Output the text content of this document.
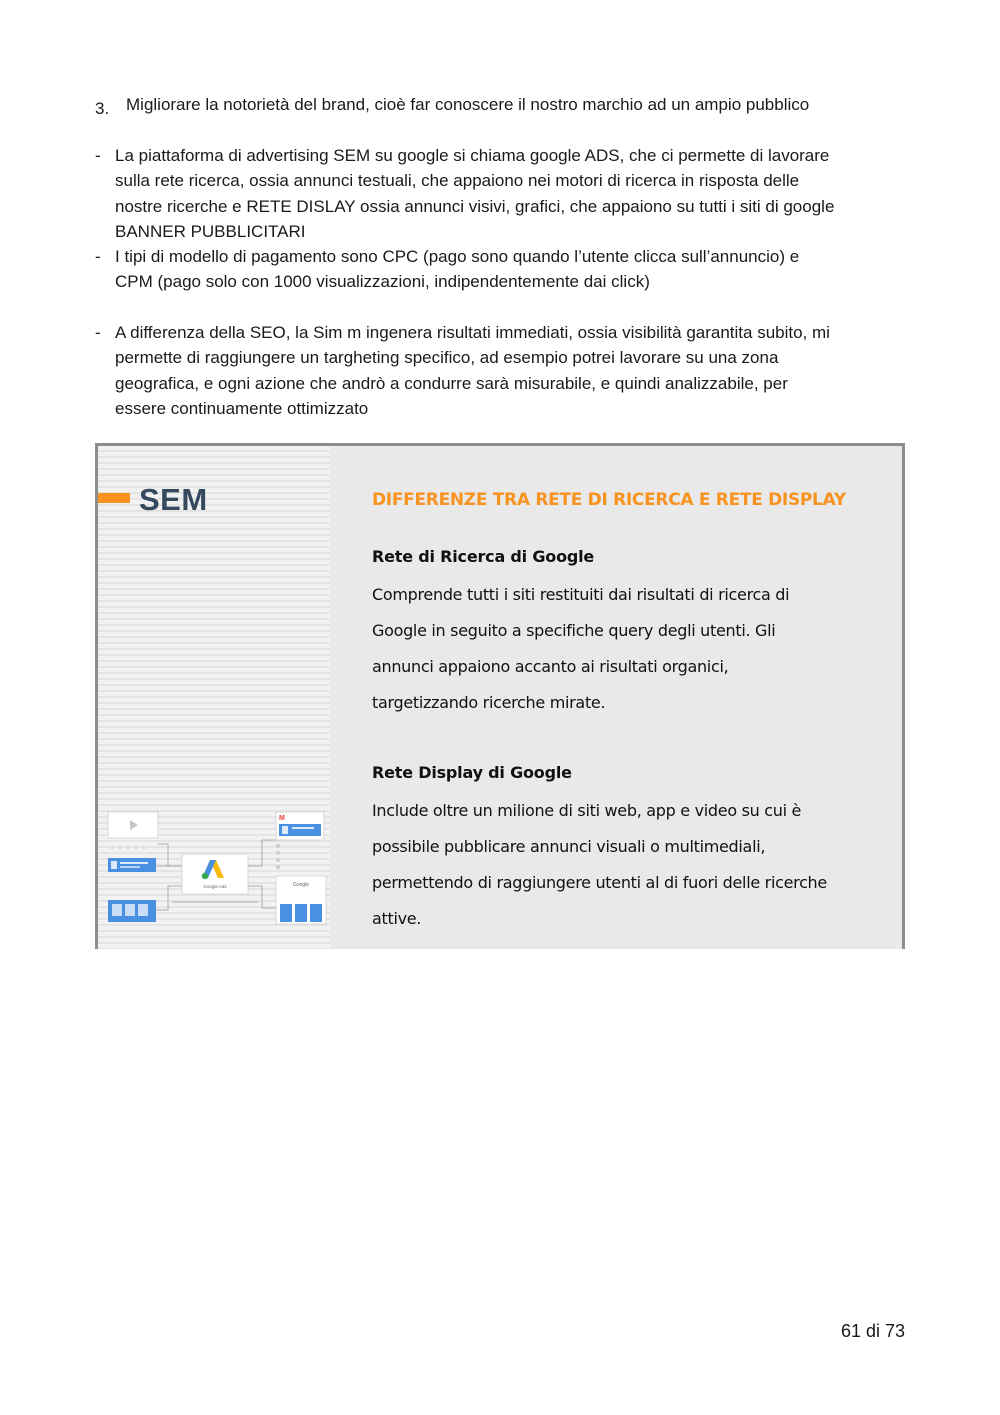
3. Migliorare la notorietà del brand, cioè far conoscere il nostro marchio ad un ampio pubblico
- La piattaforma di advertising SEM su google si chiama google ADS, che ci permette di lavorare
sulla rete ricerca, ossia annunci testuali, che appaiono nei motori di ricerca in risposta delle
nostre ricerche e RETE DISLAY ossia annunci visivi, grafici, che appaiono su tutti i siti di google
BANNER PUBBLICITARI
- I tipi di modello di pagamento sono CPC (pago sono quando l’utente clicca sull’annuncio) e
CPM (pago solo con 1000 visualizzazioni, indipendentemente dai click)
- A differenza della SEO, la Sim m ingenera risultati immediati, ossia visibilità garantita subito, mi
permette di raggiungere un targheting specifico, ad esempio potrei lavorare su una zona
geografica, e ogni azione che andrò a condurre sarà misurabile, e quindi analizzabile, per
essere continuamente ottimizzato
SEM
Google Ads
M
Google
DIFFERENZE TRA RETE DI RICERCA E RETE DISPLAY
Rete di Ricerca di Google
Comprende tutti i siti restituiti dai risultati di ricerca di
Google in seguito a specifiche query degli utenti. Gli
annunci appaiono accanto ai risultati organici,
targetizzando ricerche mirate.
Rete Display di Google
Include oltre un milione di siti web, app e video su cui è
possibile pubblicare annunci visuali o multimediali,
permettendo di raggiungere utenti al di fuori delle ricerche
attive.
61 di 73
